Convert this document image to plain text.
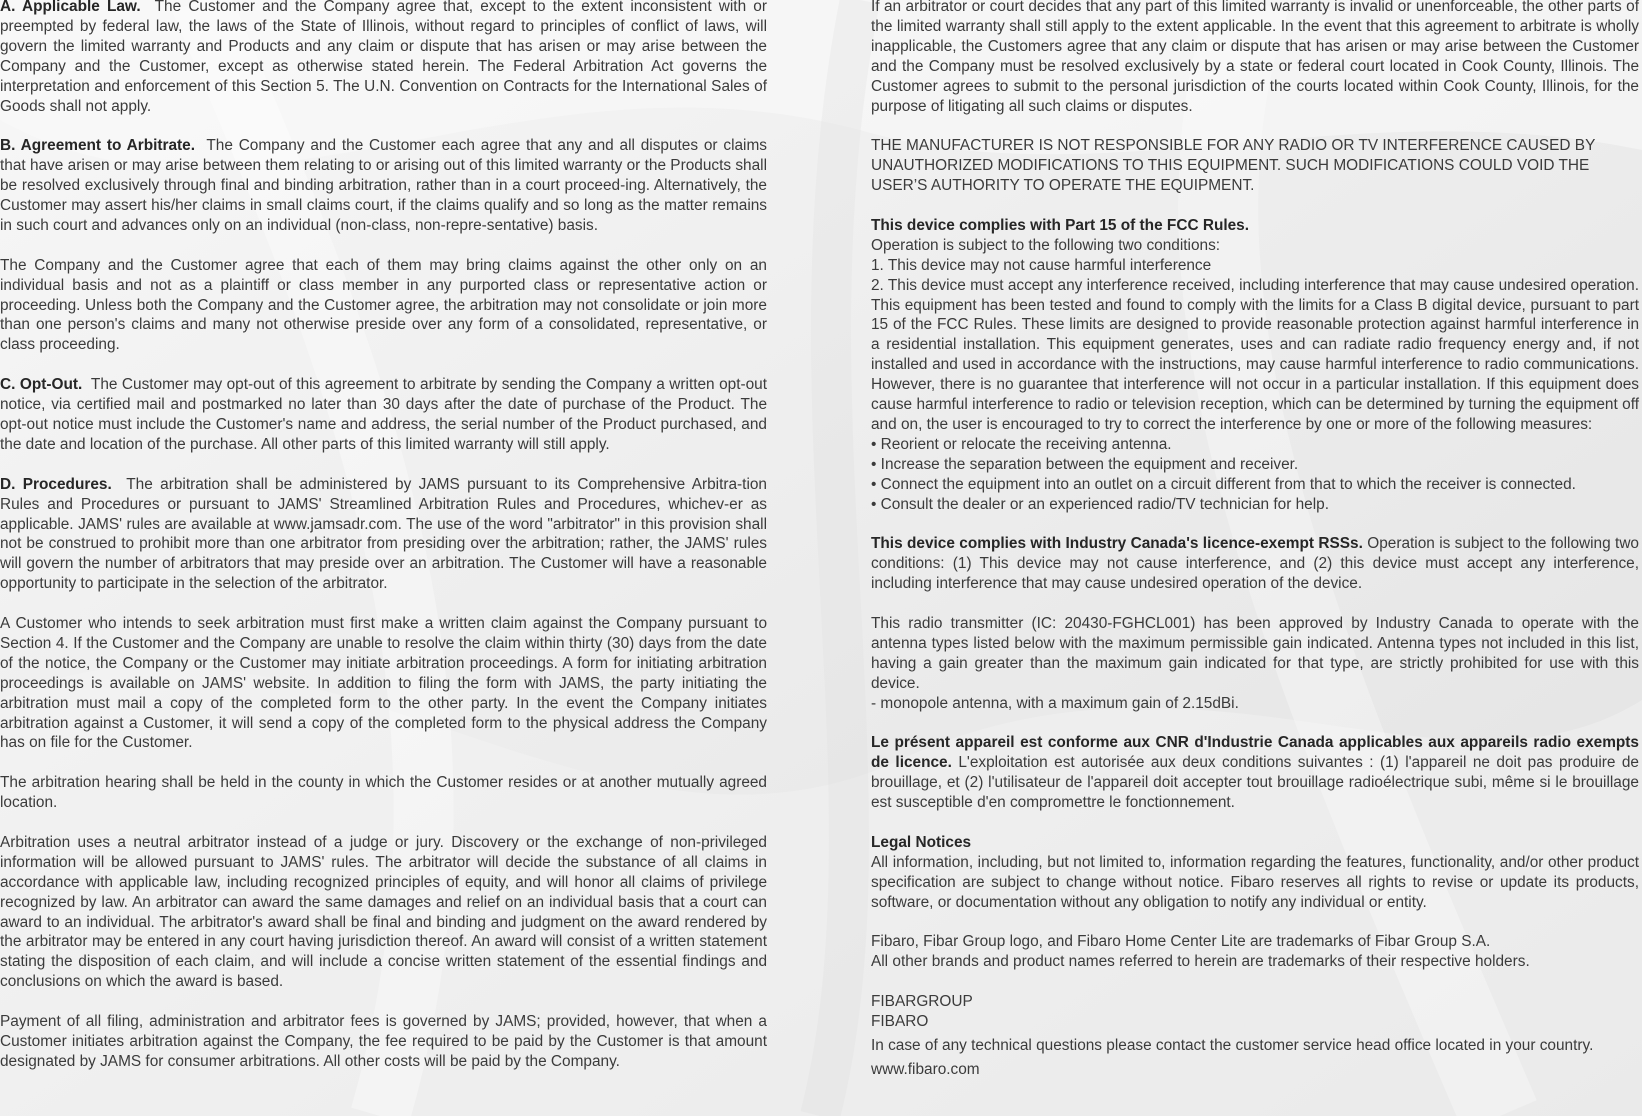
A. Applicable Law. The Customer and the Company agree that, except to the extent inconsistent with or preempted by federal law, the laws of the State of Illinois, without regard to principles of conflict of laws, will govern the limited warranty and Products and any claim or dispute that has arisen or may arise between the Company and the Customer, except as otherwise stated herein. The Federal Arbitration Act governs the interpretation and enforcement of this Section 5. The U.N. Convention on Contracts for the International Sales of Goods shall not apply.

B. Agreement to Arbitrate. The Company and the Customer each agree that any and all disputes or claims that have arisen or may arise between them relating to or arising out of this limited warranty or the Products shall be resolved exclusively through final and binding arbitration, rather than in a court proceed-ing. Alternatively, the Customer may assert his/her claims in small claims court, if the claims qualify and so long as the matter remains in such court and advances only on an individual (non-class, non-repre-sentative) basis.

The Company and the Customer agree that each of them may bring claims against the other only on an individual basis and not as a plaintiff or class member in any purported class or representative action or proceeding. Unless both the Company and the Customer agree, the arbitration may not consolidate or join more than one person's claims and many not otherwise preside over any form of a consolidated, representative, or class proceeding.

C. Opt-Out. The Customer may opt-out of this agreement to arbitrate by sending the Company a written opt-out notice, via certified mail and postmarked no later than 30 days after the date of purchase of the Product. The opt-out notice must include the Customer's name and address, the serial number of the Product purchased, and the date and location of the purchase. All other parts of this limited warranty will still apply.

D. Procedures. The arbitration shall be administered by JAMS pursuant to its Comprehensive Arbitra-tion Rules and Procedures or pursuant to JAMS' Streamlined Arbitration Rules and Procedures, whichev-er as applicable. JAMS' rules are available at www.jamsadr.com. The use of the word "arbitrator" in this provision shall not be construed to prohibit more than one arbitrator from presiding over the arbitration; rather, the JAMS' rules will govern the number of arbitrators that may preside over an arbitration. The Customer will have a reasonable opportunity to participate in the selection of the arbitrator.

A Customer who intends to seek arbitration must first make a written claim against the Company pursuant to Section 4. If the Customer and the Company are unable to resolve the claim within thirty (30) days from the date of the notice, the Company or the Customer may initiate arbitration proceedings. A form for initiating arbitration proceedings is available on JAMS' website. In addition to filing the form with JAMS, the party initiating the arbitration must mail a copy of the completed form to the other party. In the event the Company initiates arbitration against a Customer, it will send a copy of the completed form to the physical address the Company has on file for the Customer.

The arbitration hearing shall be held in the county in which the Customer resides or at another mutually agreed location.

Arbitration uses a neutral arbitrator instead of a judge or jury. Discovery or the exchange of non-privileged information will be allowed pursuant to JAMS' rules. The arbitrator will decide the substance of all claims in accordance with applicable law, including recognized principles of equity, and will honor all claims of privilege recognized by law. An arbitrator can award the same damages and relief on an individual basis that a court can award to an individual. The arbitrator's award shall be final and binding and judgment on the award rendered by the arbitrator may be entered in any court having jurisdiction thereof. An award will consist of a written statement stating the disposition of each claim, and will include a concise written statement of the essential findings and conclusions on which the award is based.

Payment of all filing, administration and arbitrator fees is governed by JAMS; provided, however, that when a Customer initiates arbitration against the Company, the fee required to be paid by the Customer is that amount designated by JAMS for consumer arbitrations. All other costs will be paid by the Company.

If an arbitrator or court decides that any part of this limited warranty is invalid or unenforceable, the other parts of the limited warranty shall still apply to the extent applicable. In the event that this agreement to arbitrate is wholly inapplicable, the Customers agree that any claim or dispute that has arisen or may arise between the Customer and the Company must be resolved exclusively by a state or federal court located in Cook County, Illinois. The Customer agrees to submit to the personal jurisdiction of the courts located within Cook County, Illinois, for the purpose of litigating all such claims or disputes.

THE MANUFACTURER IS NOT RESPONSIBLE FOR ANY RADIO OR TV INTERFERENCE CAUSED BY UNAUTHORIZED MODIFICATIONS TO THIS EQUIPMENT. SUCH MODIFICATIONS COULD VOID THE USER’S AUTHORITY TO OPERATE THE EQUIPMENT.

This device complies with Part 15 of the FCC Rules.

Operation is subject to the following two conditions:

1. This device may not cause harmful interference

2. This device must accept any interference received, including interference that may cause undesired operation. This equipment has been tested and found to comply with the limits for a Class B digital device, pursuant to part 15 of the FCC Rules. These limits are designed to provide reasonable protection against harmful interference in a residential installation. This equipment generates, uses and can radiate radio frequency energy and, if not installed and used in accordance with the instructions, may cause harmful interference to radio communications. However, there is no guarantee that interference will not occur in a particular installation. If this equipment does cause harmful interference to radio or television reception, which can be determined by turning the equipment off and on, the user is encouraged to try to correct the interference by one or more of the following measures:

• Reorient or relocate the receiving antenna.

• Increase the separation between the equipment and receiver.

• Connect the equipment into an outlet on a circuit different from that to which the receiver is connected.

• Consult the dealer or an experienced radio/TV technician for help.

This device complies with Industry Canada's licence-exempt RSSs. Operation is subject to the following two conditions: (1) This device may not cause interference, and (2) this device must accept any interference, including interference that may cause undesired operation of the device.

This radio transmitter (IC: 20430-FGHCL001) has been approved by Industry Canada to operate with the antenna types listed below with the maximum permissible gain indicated. Antenna types not included in this list, having a gain greater than the maximum gain indicated for that type, are strictly prohibited for use with this device.

- monopole antenna, with a maximum gain of 2.15dBi.

Le présent appareil est conforme aux CNR d'Industrie Canada applicables aux appareils radio exempts de licence. L'exploitation est autorisée aux deux conditions suivantes : (1) l'appareil ne doit pas produire de brouillage, et (2) l'utilisateur de l'appareil doit accepter tout brouillage radioélectrique subi, même si le brouillage est susceptible d'en compromettre le fonctionnement.

Legal Notices

All information, including, but not limited to, information regarding the features, functionality, and/or other product specification are subject to change without notice. Fibaro reserves all rights to revise or update its products, software, or documentation without any obligation to notify any individual or entity.

Fibaro, Fibar Group logo, and Fibaro Home Center Lite are trademarks of Fibar Group S.A.

All other brands and product names referred to herein are trademarks of their respective holders.

FIBARGROUP

FIBARO

In case of any technical questions please contact the customer service head office located in your country.

www.fibaro.com
